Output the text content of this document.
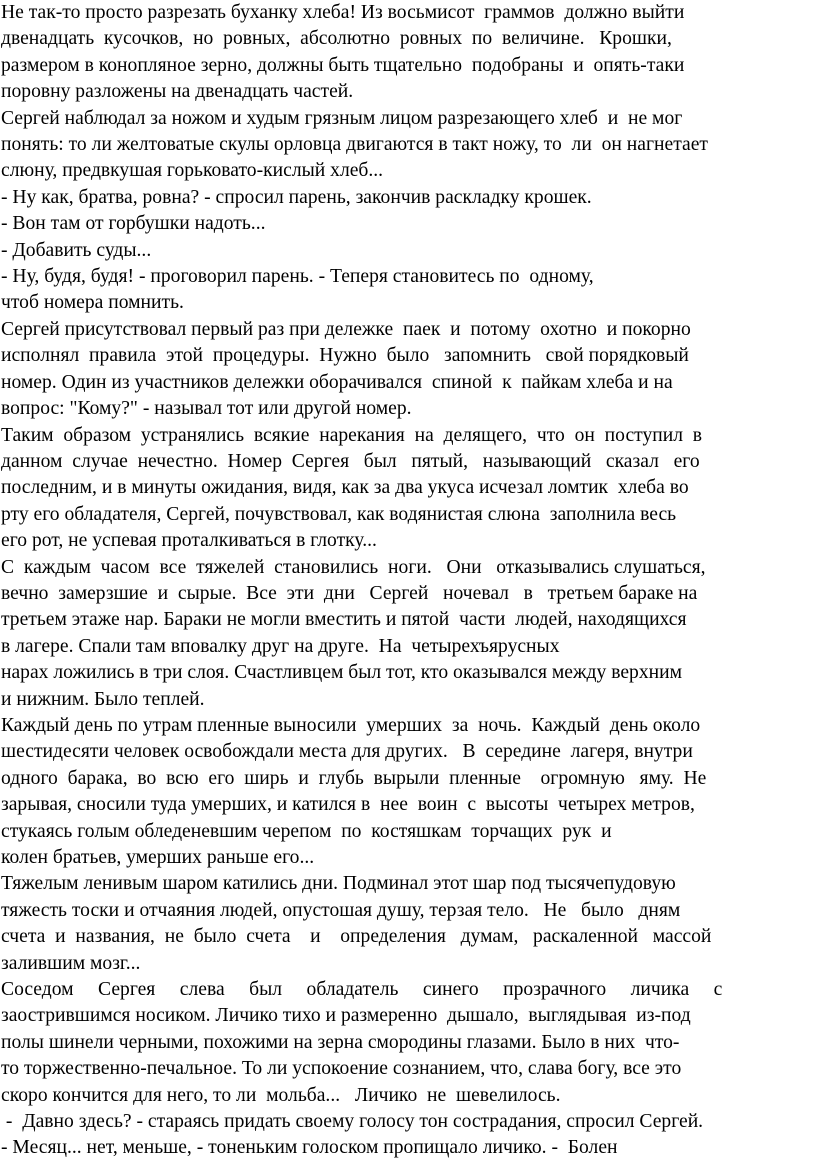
Не так-то просто разрезать буханку хлеба! Из восьмисот  граммов  должно выйти
двенадцать  кусочков,  но  ровных,  абсолютно  ровных  по  величине.   Крошки,
размером в конопляное зерно, должны быть тщательно  подобраны  и  опять-таки
поровну разложены на двенадцать частей.

Сергей наблюдал за ножом и худым грязным лицом разрезающего хлеб  и  не мог
понять: то ли желтоватые скулы орловца двигаются в такт ножу, то  ли  он нагнетает
слюну, предвкушая горьковато-кислый хлеб...

- Ну как, братва, ровна? - спросил парень, закончив раскладку крошек.

- Вон там от горбушки надоть...

- Добавить суды...

- Ну, будя, будя! - проговорил парень. - Теперя становитесь по  одному,
чтоб номера помнить.

Сергей присутствовал первый раз при дележке  паек  и  потому  охотно  и покорно
исполнял  правила  этой  процедуры.  Нужно  было   запомнить   свой порядковый
номер. Один из участников дележки оборачивался  спиной  к  пайкам хлеба и на
вопрос: "Кому?" - называл тот или другой номер.

Таким  образом  устранялись  всякие  нарекания  на  делящего,  что  он  поступил  в
данном  случае  нечестно.  Номер  Сергея   был   пятый,   называющий   сказал   его
последним, и в минуты ожидания, видя, как за два укуса исчезал ломтик  хлеба во
рту его обладателя, Сергей, почувствовал, как водянистая слюна  заполнила весь
его рот, не успевая проталкиваться в глотку...

С  каждым  часом  все  тяжелей  становились  ноги.   Они   отказывались слушаться,
вечно  замерзшие  и  сырые.  Все  эти  дни   Сергей   ночевал   в   третьем бараке на
третьем этаже нар. Бараки не могли вместить и пятой  части  людей, находящихся
в лагере. Спали там вповалку друг на друге.  На  четырехъярусных
нарах ложились в три слоя. Счастливцем был тот, кто оказывался между верхним
и нижним. Было теплей.

Каждый день по утрам пленные выносили  умерших  за  ночь.  Каждый  день около
шестидесяти человек освобождали места для других.   В  середине  лагеря, внутри
одного  барака,  во  всю  его  ширь  и  глубь  вырыли  пленные    огромную   яму.  Не
зарывая, сносили туда умерших, и катился в  нее  воин  с  высоты  четырех метров,
стукаясь голым обледеневшим черепом  по  костяшкам  торчащих  рук  и
колен братьев, умерших раньше его...

Тяжелым ленивым шаром катились дни. Подминал этот шар под тысячепудовую
тяжесть тоски и отчаяния людей, опустошая душу, терзая тело.   Не   было   дням
счета  и  названия,  не  было  счета    и    определения   думам,   раскаленной   массой
залившим мозг...

Соседом     Сергея     слева     был     обладатель     синего     прозрачного     личика     с
заострившимся носиком. Личико тихо и размеренно  дышало,  выглядывая  из-под
полы шинели черными, похожими на зерна смородины глазами. Было в них  что-
то торжественно-печальное. То ли успокоение сознанием, что, слава богу, все это
скоро кончится для него, то ли  мольба...   Личико  не  шевелилось.

-  Давно здесь? - стараясь придать своему голосу тон сострадания, спросил Сергей.

- Месяц... нет, меньше, - тоненьким голоском пропищало личико. -  Болен
